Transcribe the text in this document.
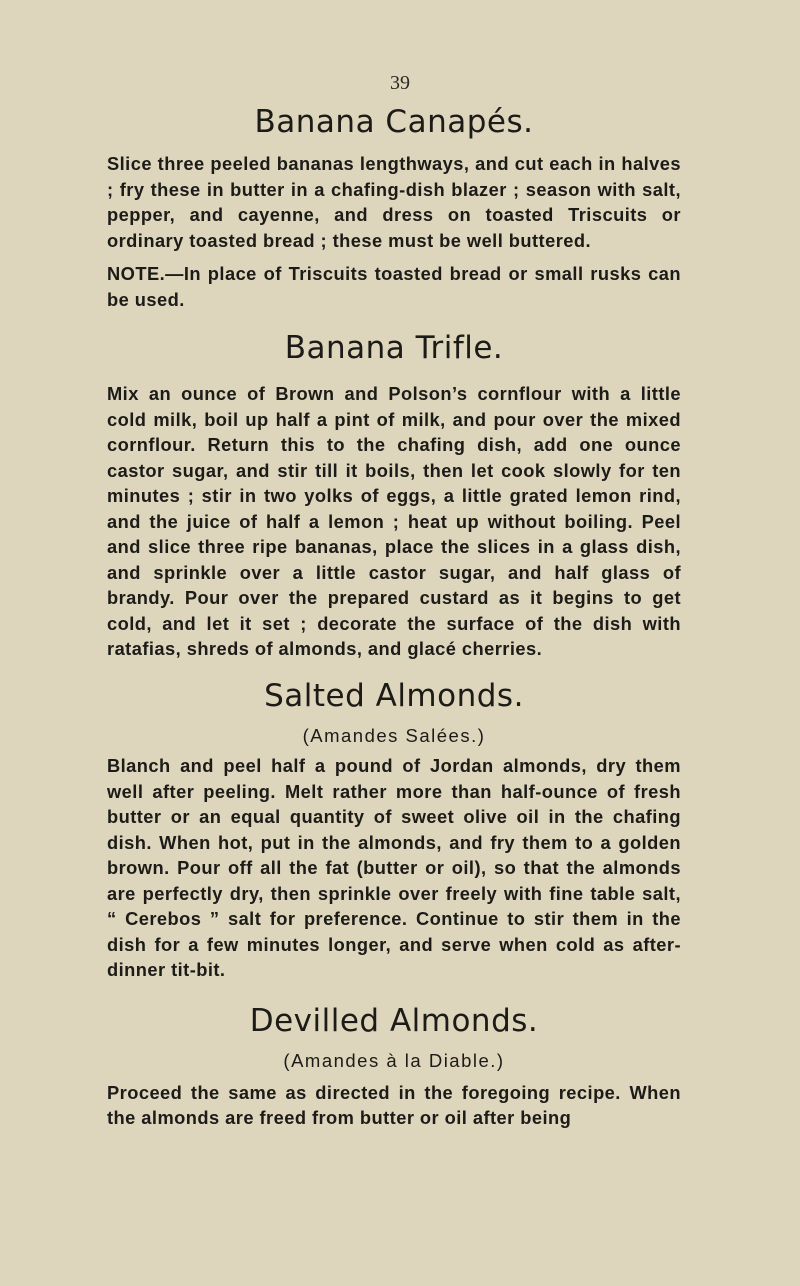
39
Banana Canapés.

Slice three peeled bananas lengthways, and cut each in halves ; fry these in butter in a chafing-dish blazer ; season with salt, pepper, and cayenne, and dress on toasted Triscuits or ordinary toasted bread ; these must be well buttered.

NOTE.—In place of Triscuits toasted bread or small rusks can be used.

Banana Trifle.

Mix an ounce of Brown and Polson’s cornflour with a little cold milk, boil up half a pint of milk, and pour over the mixed cornflour. Return this to the chafing dish, add one ounce castor sugar, and stir till it boils, then let cook slowly for ten minutes ; stir in two yolks of eggs, a little grated lemon rind, and the juice of half a lemon ; heat up without boiling. Peel and slice three ripe bananas, place the slices in a glass dish, and sprinkle over a little castor sugar, and half glass of brandy. Pour over the prepared custard as it begins to get cold, and let it set ; decorate the surface of the dish with ratafias, shreds of almonds, and glacé cherries.

Salted Almonds.
(Amandes Salées.)

Blanch and peel half a pound of Jordan almonds, dry them well after peeling. Melt rather more than half-ounce of fresh butter or an equal quantity of sweet olive oil in the chafing dish. When hot, put in the almonds, and fry them to a golden brown. Pour off all the fat (butter or oil), so that the almonds are perfectly dry, then sprinkle over freely with fine table salt, “ Cerebos ” salt for preference. Continue to stir them in the dish for a few minutes longer, and serve when cold as after-dinner tit-bit.

Devilled Almonds.
(Amandes à la Diable.)

Proceed the same as directed in the foregoing recipe. When the almonds are freed from butter or oil after being
